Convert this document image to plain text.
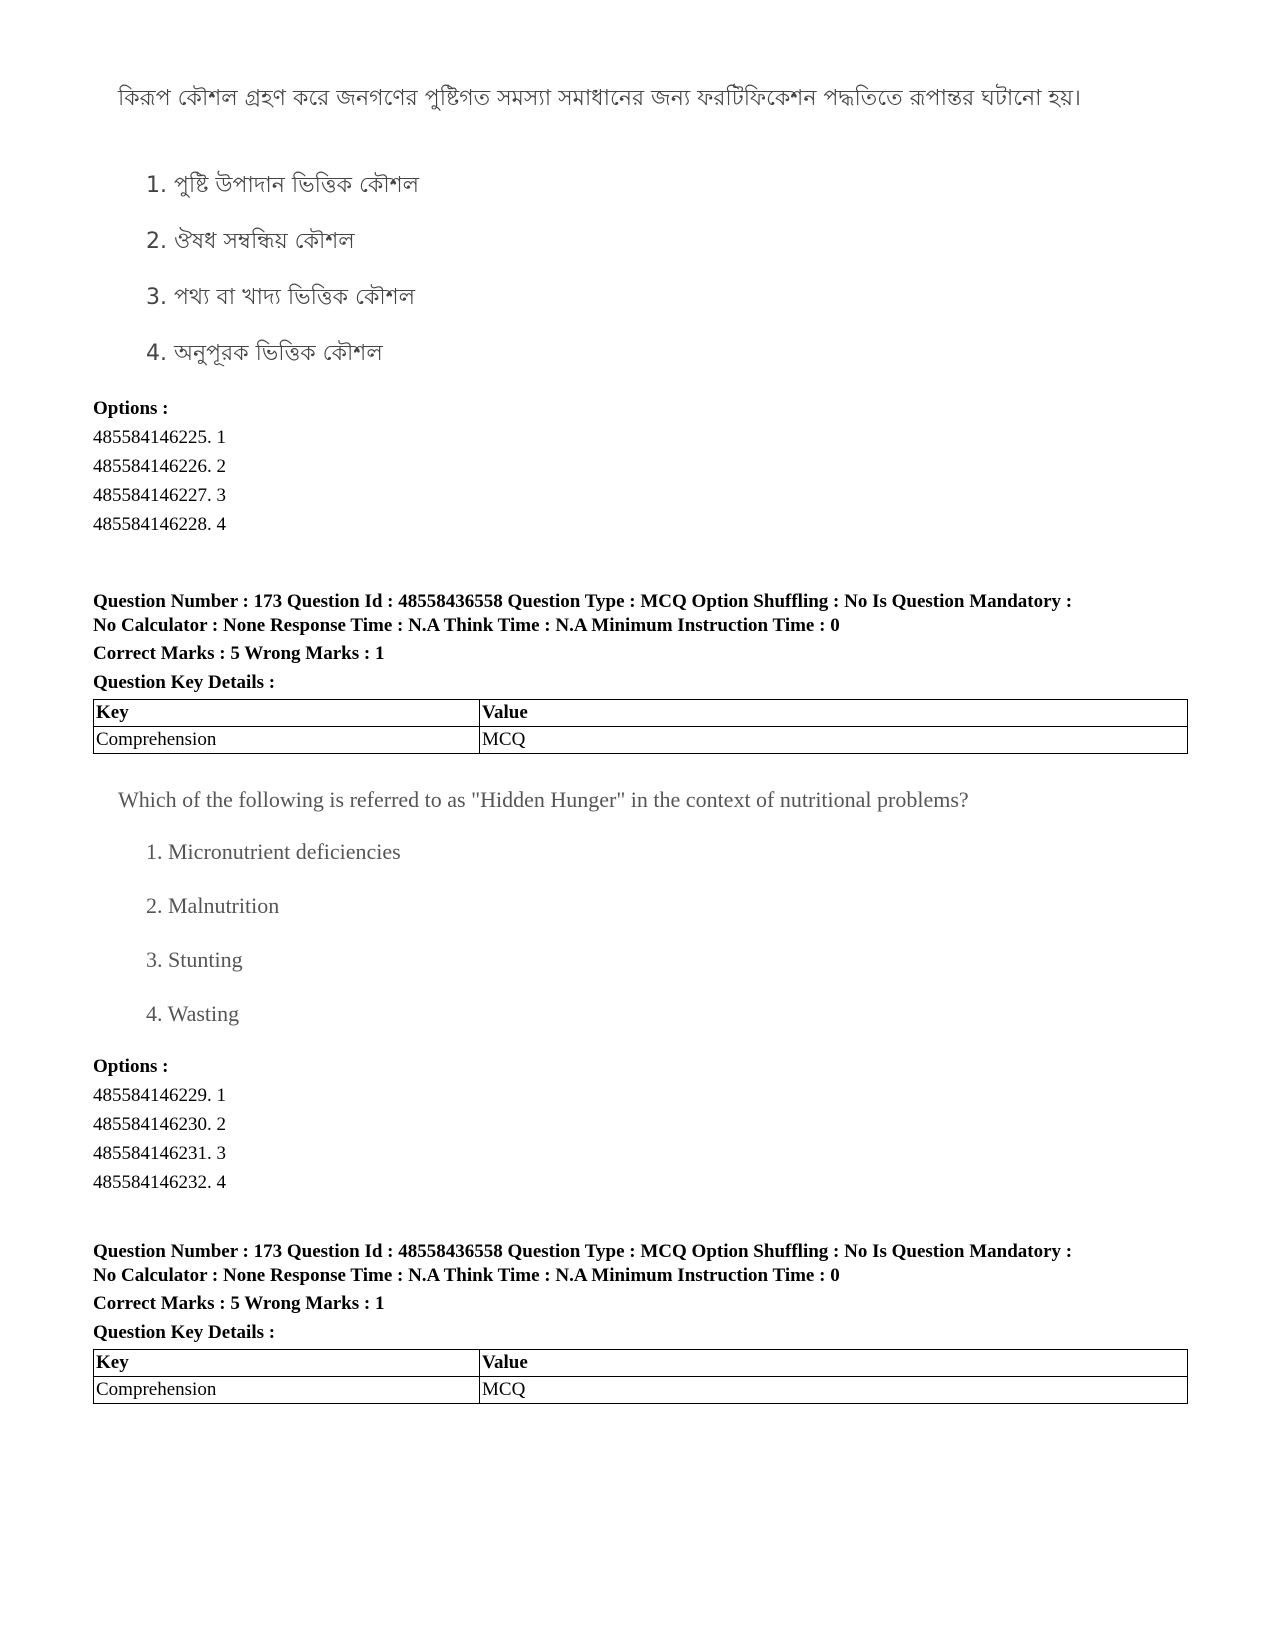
কিরূপ কৌশল গ্রহণ করে জনগণের পুষ্টিগত সমস্যা সমাধানের জন্য ফরটিফিকেশন পদ্ধতিতে রূপান্তর ঘটানো হয়।
1. পুষ্টি উপাদান ভিত্তিক কৌশল
2. ঔষধ সম্বন্ধিয় কৌশল
3. পথ্য বা খাদ্য ভিত্তিক কৌশল
4. অনুপূরক ভিত্তিক কৌশল
Options :
485584146225. 1
485584146226. 2
485584146227. 3
485584146228. 4
Question Number : 173 Question Id : 48558436558 Question Type : MCQ Option Shuffling : No Is Question Mandatory :
No Calculator : None Response Time : N.A Think Time : N.A Minimum Instruction Time : 0
Correct Marks : 5 Wrong Marks : 1
Question Key Details :
Key	Value
Comprehension	MCQ
Which of the following is referred to as "Hidden Hunger" in the context of nutritional problems?
1. Micronutrient deficiencies
2. Malnutrition
3. Stunting
4. Wasting
Options :
485584146229. 1
485584146230. 2
485584146231. 3
485584146232. 4
Question Number : 173 Question Id : 48558436558 Question Type : MCQ Option Shuffling : No Is Question Mandatory :
No Calculator : None Response Time : N.A Think Time : N.A Minimum Instruction Time : 0
Correct Marks : 5 Wrong Marks : 1
Question Key Details :
Key	Value
Comprehension	MCQ
